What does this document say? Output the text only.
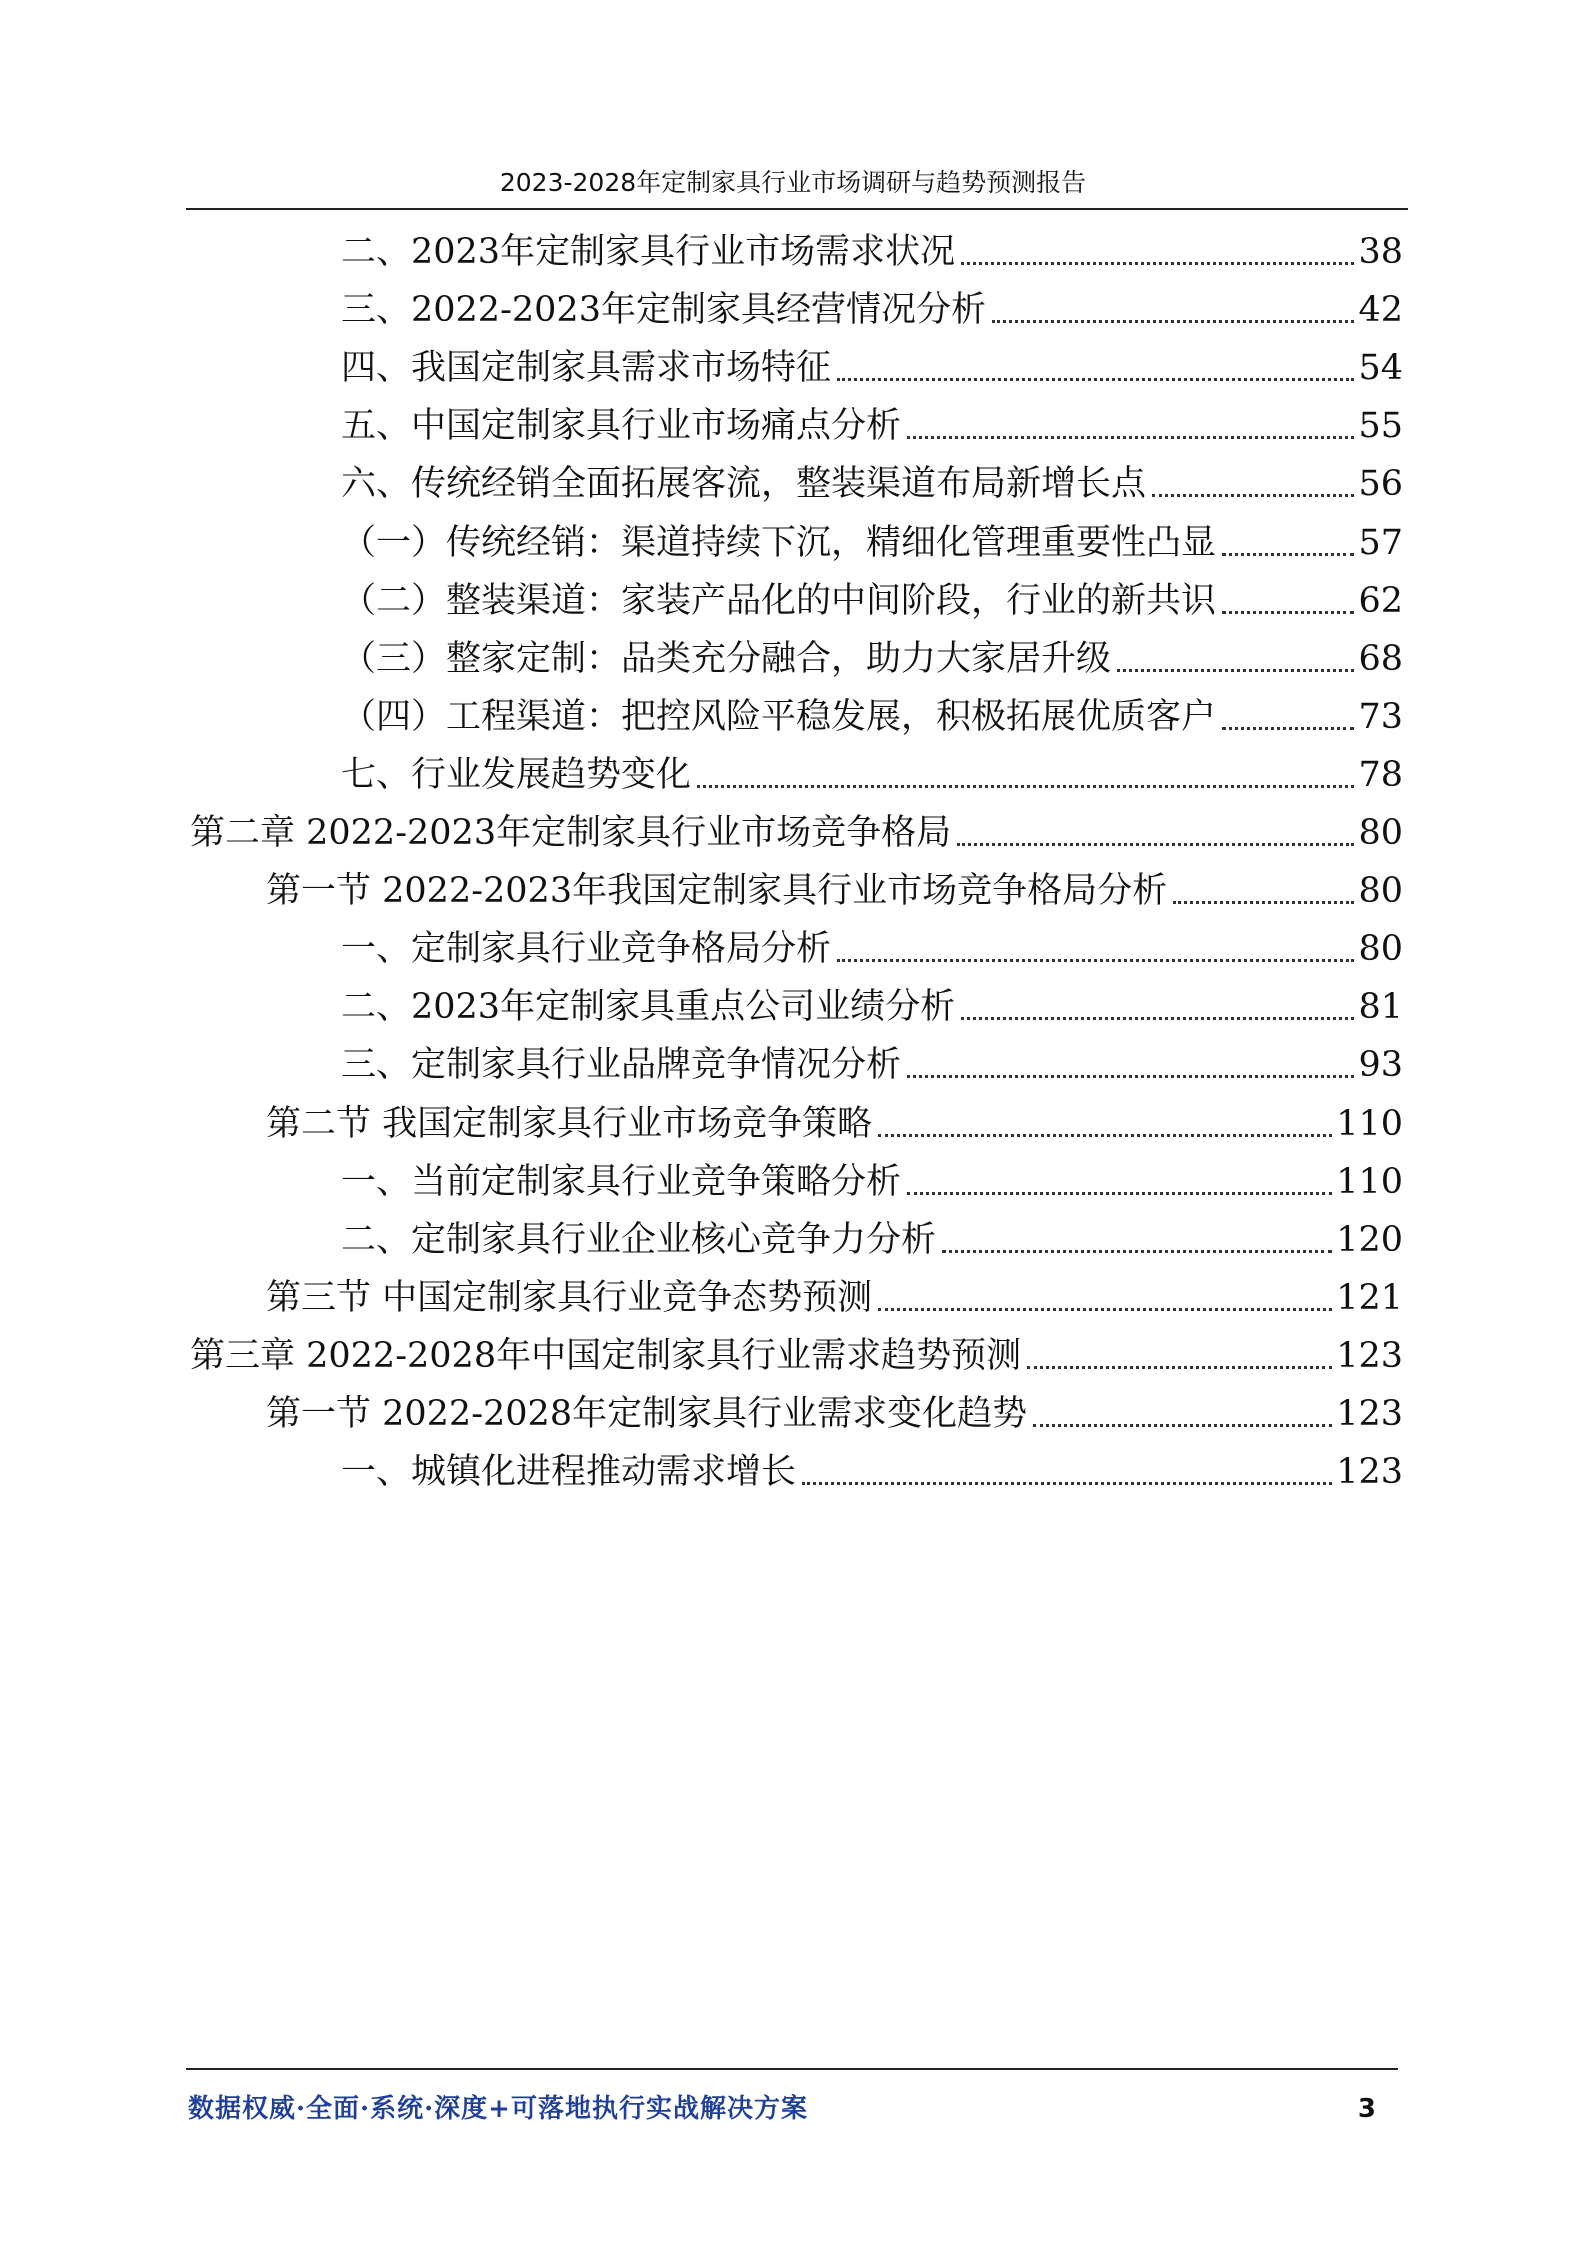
2023-2028年定制家具行业市场调研与趋势预测报告
二、2023年定制家具行业市场需求状况	38
三、2022-2023年定制家具经营情况分析	42
四、我国定制家具需求市场特征	54
五、中国定制家具行业市场痛点分析	55
六、传统经销全面拓展客流，整装渠道布局新增长点	56
（一）传统经销：渠道持续下沉，精细化管理重要性凸显	57
（二）整装渠道：家装产品化的中间阶段，行业的新共识	62
（三）整家定制：品类充分融合，助力大家居升级	68
（四）工程渠道：把控风险平稳发展，积极拓展优质客户	73
七、行业发展趋势变化	78
第二章 2022-2023年定制家具行业市场竞争格局	80
第一节 2022-2023年我国定制家具行业市场竞争格局分析	80
一、定制家具行业竞争格局分析	80
二、2023年定制家具重点公司业绩分析	81
三、定制家具行业品牌竞争情况分析	93
第二节 我国定制家具行业市场竞争策略	110
一、当前定制家具行业竞争策略分析	110
二、定制家具行业企业核心竞争力分析	120
第三节 中国定制家具行业竞争态势预测	121
第三章 2022-2028年中国定制家具行业需求趋势预测	123
第一节 2022-2028年定制家具行业需求变化趋势	123
一、城镇化进程推动需求增长	123
数据权威·全面·系统·深度+可落地执行实战解决方案	3
